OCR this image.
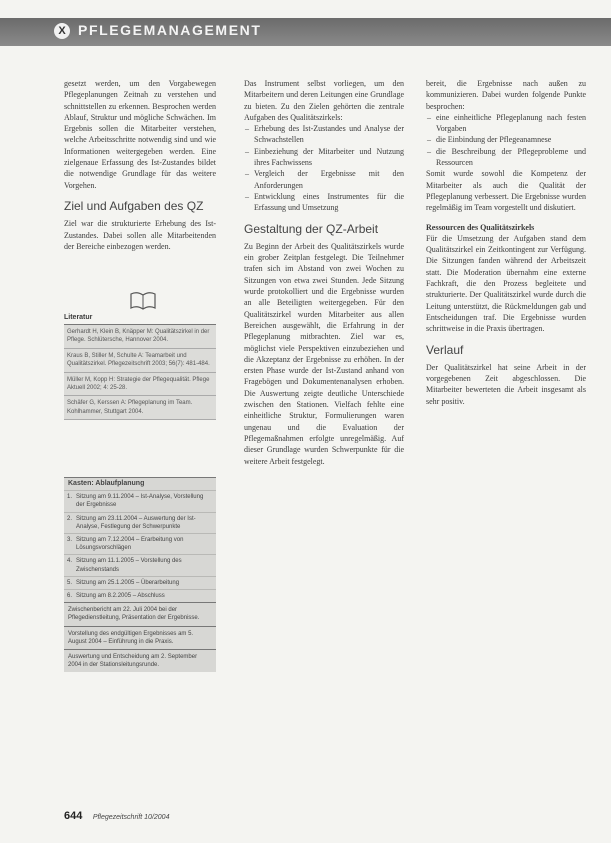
X PFLEGEMANAGEMENT

gesetzt werden, um den Vorgabewegen Pflegeplanungen Zeitnah zu verstehen und schnittstellen zu erkennen. Besprochen werden Ablauf, Struktur und mögliche Schwächen. Im Ergebnis sollen die Mitarbeiter verstehen, welche Arbeitsschritte notwendig sind und wie Informationen weitergegeben werden. Eine zielgenaue Erfassung des Ist-Zustandes bildet die notwendige Grundlage für das weitere Vorgehen.

Ziel und Aufgaben des QZ

Ziel war die strukturierte Erhebung des Ist-Zustandes. Dabei sollen alle Mitarbeitenden der Bereiche einbezogen werden.

Literatur
Gerhardt H, Klein B, Knäpper M: Qualitätszirkel in der Pflege. Schlütersche, Hannover 2004.
Kraus B, Stiller M, Schulte A: Teamarbeit und Qualitätszirkel. Pflegezeitschrift 2003; 56(7): 481-484.
Müller M, Kopp H: Strategie der Pflegequalität. Pflege Aktuell 2002; 4: 25-28.
Schäfer G, Kerssen A: Pflegeplanung im Team. Kohlhammer, Stuttgart 2004.
Kasten: Ablaufplanung
1. Sitzung am 9.11.2004 – Ist-Analyse, Vorstellung der Ergebnisse
2. Sitzung am 23.11.2004 – Auswertung der Ist-Analyse, Festlegung der Schwerpunkte
3. Sitzung am 7.12.2004 – Erarbeitung von Lösungsvorschlägen
4. Sitzung am 11.1.2005 – Vorstellung des Zwischenstands
5. Sitzung am 25.1.2005 – Überarbeitung
6. Sitzung am 8.2.2005 – Abschluss
Zwischenbericht am 22. Juli 2004 bei der Pflegedienstleitung, Präsentation der Ergebnisse.
Vorstellung des endgültigen Ergebnisses am 5. August 2004 – Einführung in die Praxis.
Auswertung und Entscheidung am 2. September 2004 in der Stationsleitungsrunde.

Das Instrument selbst vorliegen, um den Mitarbeitern und deren Leitungen eine Grundlage zu bieten. Zu den Zielen gehörten die zentrale Aufgaben des Qualitätszirkels:

– Erhebung des Ist-Zustandes und Analyse der Schwachstellen
– Einbeziehung der Mitarbeiter und Nutzung ihres Fachwissens
– Vergleich der Ergebnisse mit den Anforderungen
– Entwicklung eines Instrumentes für die Erfassung und Umsetzung
Gestaltung der QZ-Arbeit

Zu Beginn der Arbeit des Qualitätszirkels wurde ein grober Zeitplan festgelegt. Die Teilnehmer trafen sich im Abstand von zwei Wochen zu Sitzungen von etwa zwei Stunden. Jede Sitzung wurde protokolliert und die Ergebnisse wurden an alle Beteiligten weitergegeben. Für den Qualitätszirkel wurden Mitarbeiter aus allen Bereichen ausgewählt, die Erfahrung in der Pflegeplanung mitbrachten. Ziel war es, möglichst viele Perspektiven einzubeziehen und die Akzeptanz der Ergebnisse zu erhöhen. In der ersten Phase wurde der Ist-Zustand anhand von Fragebögen und Dokumentenanalysen erhoben. Die Auswertung zeigte deutliche Unterschiede zwischen den Stationen. Vielfach fehlte eine einheitliche Struktur, Formulierungen waren ungenau und die Evaluation der Pflegemaßnahmen erfolgte unregelmäßig. Auf dieser Grundlage wurden Schwerpunkte für die weitere Arbeit festgelegt.

bereit, die Ergebnisse nach außen zu kommunizieren. Dabei wurden folgende Punkte besprochen:

– eine einheitliche Pflegeplanung nach festen Vorgaben
– die Einbindung der Pflegeanamnese
– die Beschreibung der Pflegeprobleme und Ressourcen

Somit wurde sowohl die Kompetenz der Mitarbeiter als auch die Qualität der Pflegeplanung verbessert. Die Ergebnisse wurden regelmäßig im Team vorgestellt und diskutiert.

Ressourcen des Qualitätszirkels

Für die Umsetzung der Aufgaben stand dem Qualitätszirkel ein Zeitkontingent zur Verfügung. Die Sitzungen fanden während der Arbeitszeit statt. Die Moderation übernahm eine externe Fachkraft, die den Prozess begleitete und strukturierte. Der Qualitätszirkel wurde durch die Leitung unterstützt, die Rückmeldungen gab und Entscheidungen traf. Die Ergebnisse wurden schrittweise in die Praxis übertragen.

Verlauf

Der Qualitätszirkel hat seine Arbeit in der vorgegebenen Zeit abgeschlossen. Die Mitarbeiter bewerteten die Arbeit insgesamt als sehr positiv.

644 Pflegezeitschrift 10/2004
